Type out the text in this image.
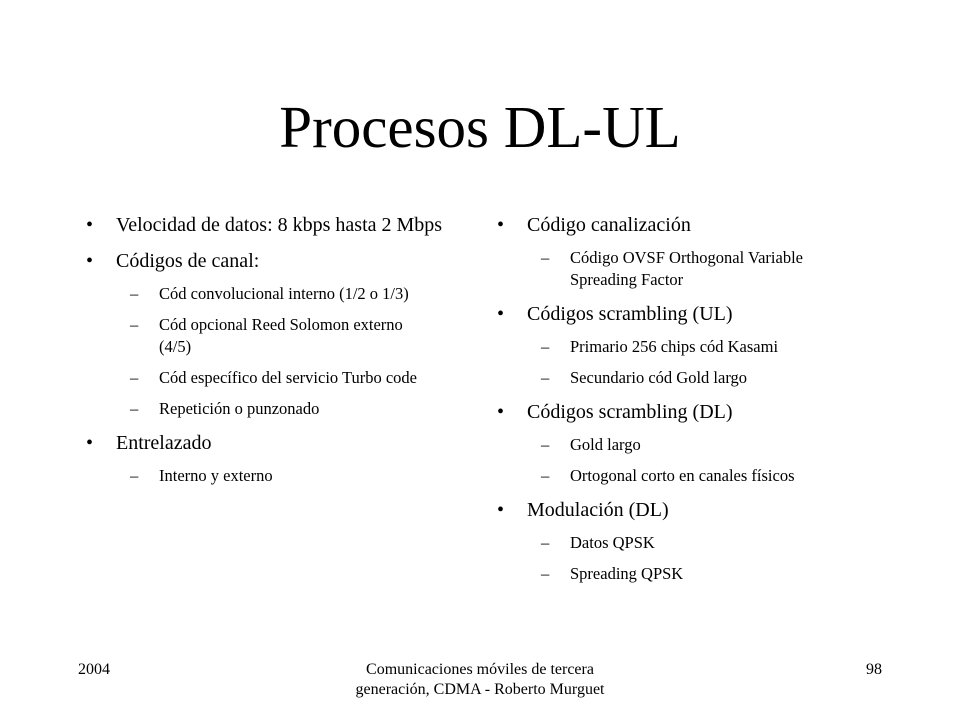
Procesos DL-UL
• Velocidad de datos: 8 kbps hasta 2 Mbps
• Códigos de canal:
– Cód convolucional interno (1/2 o 1/3)
– Cód opcional Reed Solomon externo (4/5)
– Cód específico del servicio Turbo code
– Repetición o punzonado
• Entrelazado
– Interno y externo
• Código canalización
– Código OVSF Orthogonal Variable Spreading Factor
• Códigos scrambling (UL)
– Primario 256 chips cód Kasami
– Secundario cód Gold largo
• Códigos scrambling (DL)
– Gold largo
– Ortogonal corto en canales físicos
• Modulación (DL)
– Datos QPSK
– Spreading QPSK
2004	Comunicaciones móviles de tercera generación, CDMA - Roberto Murguet
98
